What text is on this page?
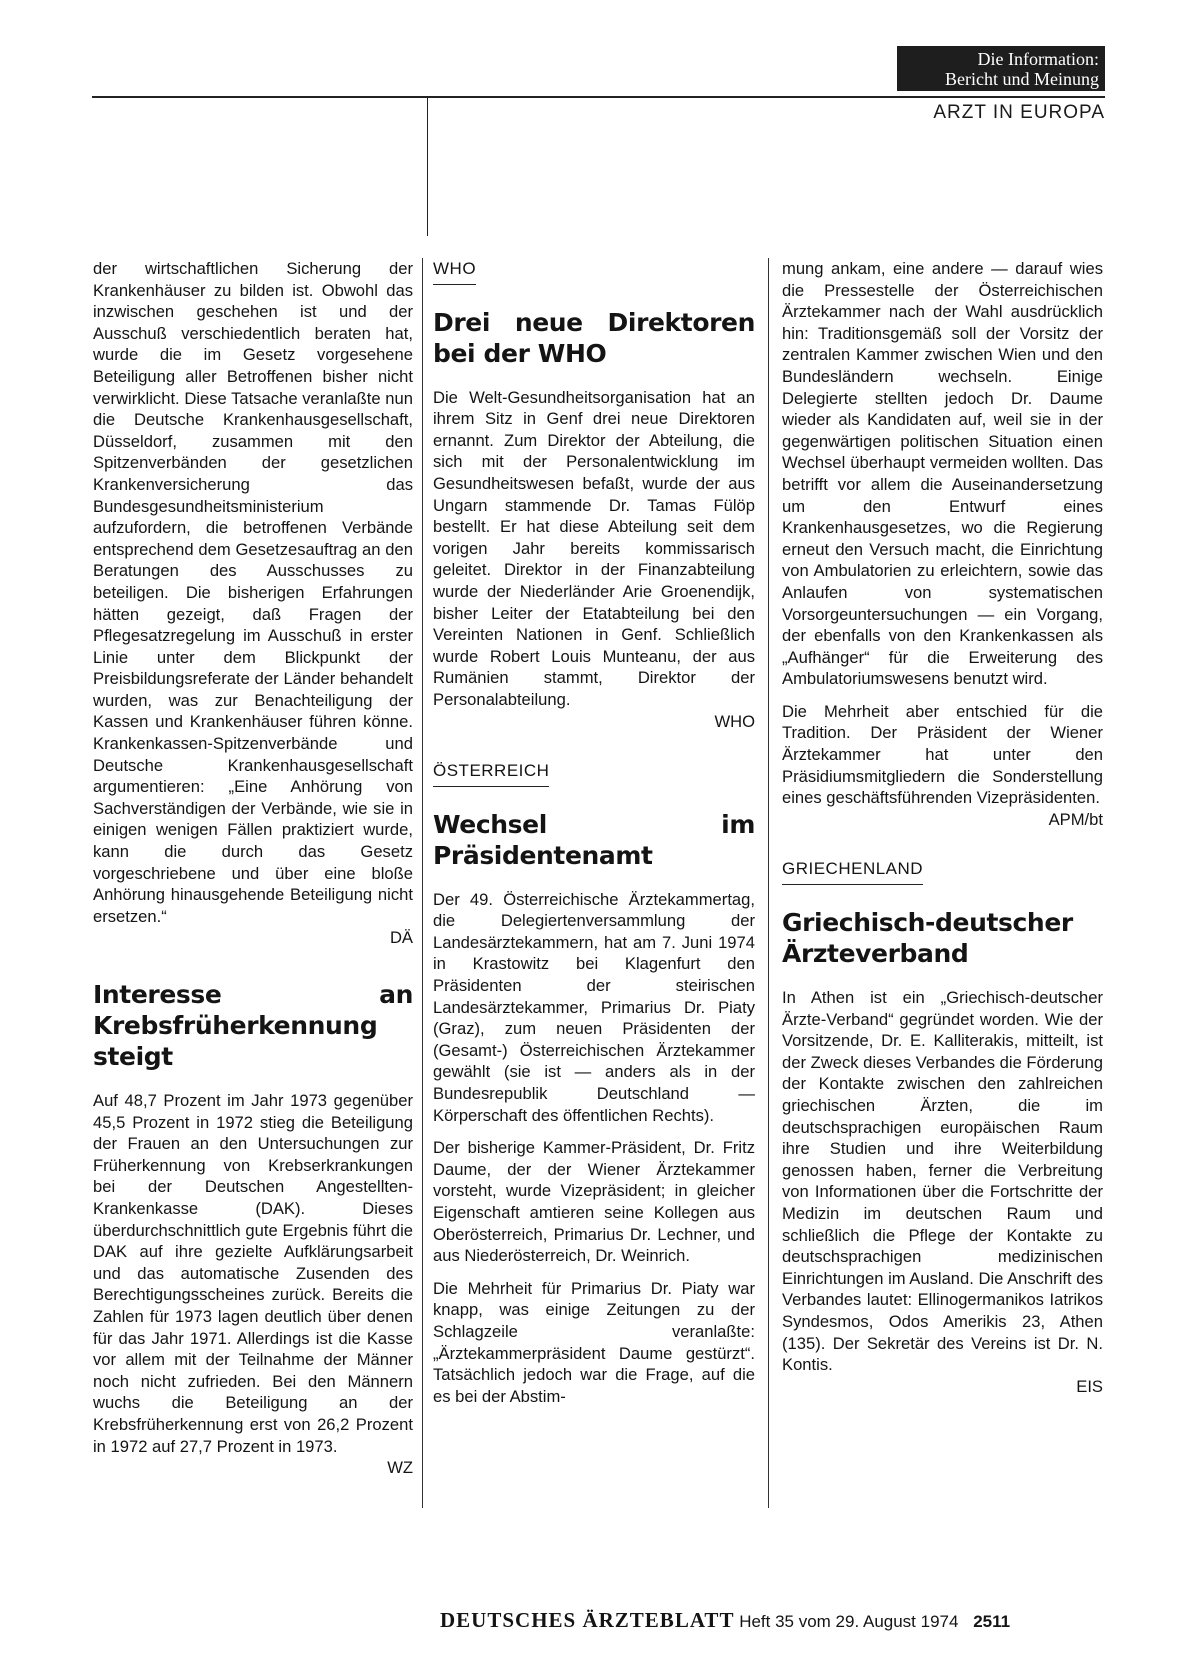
Die Information:
Bericht und Meinung
ARZT IN EUROPA

der wirtschaftlichen Sicherung der Krankenhäuser zu bilden ist. Obwohl das inzwischen geschehen ist und der Ausschuß verschiedentlich beraten hat, wurde die im Gesetz vorgesehene Beteiligung aller Betroffenen bisher nicht verwirklicht. Diese Tatsache veranlaßte nun die Deutsche Krankenhausgesellschaft, Düsseldorf, zusammen mit den Spitzenverbänden der gesetzlichen Krankenversicherung das Bundesgesundheitsministerium aufzufordern, die betroffenen Verbände entsprechend dem Gesetzesauftrag an den Beratungen des Ausschusses zu beteiligen. Die bisherigen Erfahrungen hätten gezeigt, daß Fragen der Pflegesatzregelung im Ausschuß in erster Linie unter dem Blickpunkt der Preisbildungsreferate der Länder behandelt wurden, was zur Benachteiligung der Kassen und Krankenhäuser führen könne. Krankenkassen-Spitzenverbände und Deutsche Krankenhausgesellschaft argumentieren: „Eine Anhörung von Sachverständigen der Verbände, wie sie in einigen wenigen Fällen praktiziert wurde, kann die durch das Gesetz vorgeschriebene und über eine bloße Anhörung hinausgehende Beteiligung nicht ersetzen.“

DÄ
Interesse an Krebsfrüherkennung steigt

Auf 48,7 Prozent im Jahr 1973 gegenüber 45,5 Prozent in 1972 stieg die Beteiligung der Frauen an den Untersuchungen zur Früherkennung von Krebserkrankungen bei der Deutschen Angestellten-Krankenkasse (DAK). Dieses überdurchschnittlich gute Ergebnis führt die DAK auf ihre gezielte Aufklärungsarbeit und das automatische Zusenden des Berechtigungsscheines zurück. Bereits die Zahlen für 1973 lagen deutlich über denen für das Jahr 1971. Allerdings ist die Kasse vor allem mit der Teilnahme der Männer noch nicht zufrieden. Bei den Männern wuchs die Beteiligung an der Krebsfrüherkennung erst von 26,2 Prozent in 1972 auf 27,7 Prozent in 1973.

WZ
WHO
Drei neue Direktoren bei der WHO

Die Welt-Gesundheitsorganisation hat an ihrem Sitz in Genf drei neue Direktoren ernannt. Zum Direktor der Abteilung, die sich mit der Personalentwicklung im Gesundheitswesen befaßt, wurde der aus Ungarn stammende Dr. Tamas Fülöp bestellt. Er hat diese Abteilung seit dem vorigen Jahr bereits kommissarisch geleitet. Direktor in der Finanzabteilung wurde der Niederländer Arie Groenendijk, bisher Leiter der Etatabteilung bei den Vereinten Nationen in Genf. Schließlich wurde Robert Louis Munteanu, der aus Rumänien stammt, Direktor der Personalabteilung.

WHO
ÖSTERREICH
Wechsel im Präsidentenamt

Der 49. Österreichische Ärztekammertag, die Delegiertenversammlung der Landesärztekammern, hat am 7. Juni 1974 in Krastowitz bei Klagenfurt den Präsidenten der steirischen Landesärztekammer, Primarius Dr. Piaty (Graz), zum neuen Präsidenten der (Gesamt-) Österreichischen Ärztekammer gewählt (sie ist — anders als in der Bundesrepublik Deutschland — Körperschaft des öffentlichen Rechts).

Der bisherige Kammer-Präsident, Dr. Fritz Daume, der der Wiener Ärztekammer vorsteht, wurde Vizepräsident; in gleicher Eigenschaft amtieren seine Kollegen aus Oberösterreich, Primarius Dr. Lechner, und aus Niederösterreich, Dr. Weinrich.

Die Mehrheit für Primarius Dr. Piaty war knapp, was einige Zeitungen zu der Schlagzeile veranlaßte: „Ärztekammerpräsident Daume gestürzt“. Tatsächlich jedoch war die Frage, auf die es bei der Abstim-

mung ankam, eine andere — darauf wies die Pressestelle der Österreichischen Ärztekammer nach der Wahl ausdrücklich hin: Traditionsgemäß soll der Vorsitz der zentralen Kammer zwischen Wien und den Bundesländern wechseln. Einige Delegierte stellten jedoch Dr. Daume wieder als Kandidaten auf, weil sie in der gegenwärtigen politischen Situation einen Wechsel überhaupt vermeiden wollten. Das betrifft vor allem die Auseinandersetzung um den Entwurf eines Krankenhausgesetzes, wo die Regierung erneut den Versuch macht, die Einrichtung von Ambulatorien zu erleichtern, sowie das Anlaufen von systematischen Vorsorgeuntersuchungen — ein Vorgang, der ebenfalls von den Krankenkassen als „Aufhänger“ für die Erweiterung des Ambulatoriumswesens benutzt wird.

Die Mehrheit aber entschied für die Tradition. Der Präsident der Wiener Ärztekammer hat unter den Präsidiumsmitgliedern die Sonderstellung eines geschäftsführenden Vizepräsidenten.

APM/bt
GRIECHENLAND
Griechisch-deutscher Ärzteverband

In Athen ist ein „Griechisch-deutscher Ärzte-Verband“ gegründet worden. Wie der Vorsitzende, Dr. E. Kalliterakis, mitteilt, ist der Zweck dieses Verbandes die Förderung der Kontakte zwischen den zahlreichen griechischen Ärzten, die im deutschsprachigen europäischen Raum ihre Studien und ihre Weiterbildung genossen haben, ferner die Verbreitung von Informationen über die Fortschritte der Medizin im deutschen Raum und schließlich die Pflege der Kontakte zu deutschsprachigen medizinischen Einrichtungen im Ausland. Die Anschrift des Verbandes lautet: Ellinogermanikos Iatrikos Syndesmos, Odos Amerikis 23, Athen (135). Der Sekretär des Vereins ist Dr. N. Kontis.

EIS
DEUTSCHES ÄRZTEBLATT Heft 35 vom 29. August 1974 2511
